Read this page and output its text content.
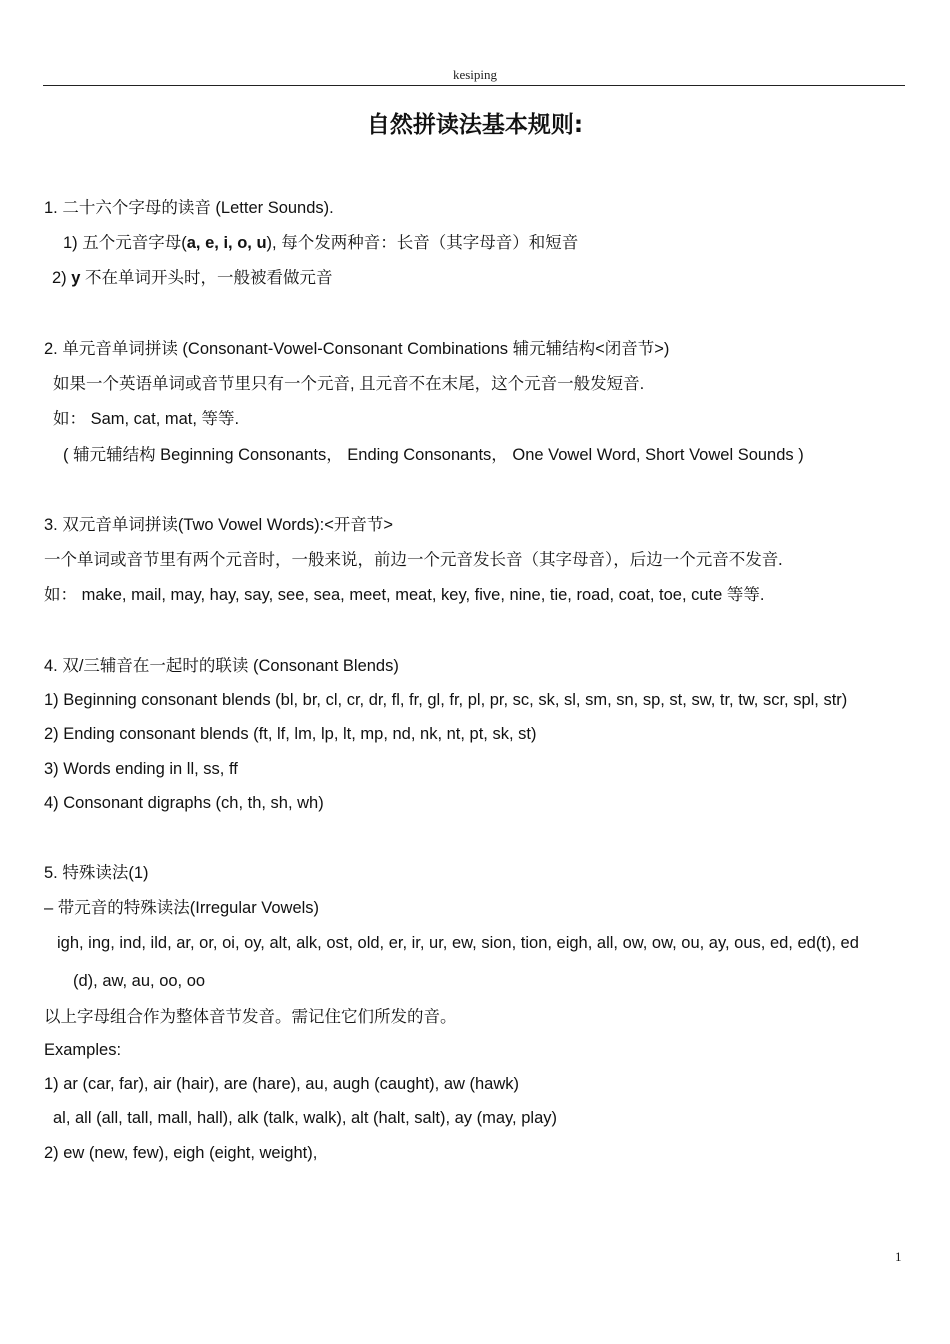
kesiping
自然拼读法基本规则:
1. 二十六个字母的读音 (Letter Sounds).
1) 五个元音字母(a, e, i, o, u), 每个发两种音：长音（其字母音）和短音
2) y 不在单词开头时，一般被看做元音
2. 单元音单词拼读 (Consonant-Vowel-Consonant Combinations 辅元辅结构<闭音节>)
如果一个英语单词或音节里只有一个元音, 且元音不在末尾，这个元音一般发短音.
如： Sam, cat, mat, 等等.
( 辅元辅结构 Beginning Consonants， Ending Consonants， One Vowel Word, Short Vowel Sounds )
3. 双元音单词拼读(Two Vowel Words):<开音节>
一个单词或音节里有两个元音时，一般来说，前边一个元音发长音（其字母音），后边一个元音不发音.
如： make, mail, may, hay, say, see, sea, meet, meat, key, five, nine, tie, road, coat, toe, cute 等等.
4. 双/三辅音在一起时的联读 (Consonant Blends)
1) Beginning consonant blends (bl, br, cl, cr, dr, fl, fr, gl, fr, pl, pr, sc, sk, sl, sm, sn, sp, st, sw, tr, tw, scr, spl, str)
2) Ending consonant blends (ft, lf, lm, lp, lt, mp, nd, nk, nt, pt, sk, st)
3) Words ending in ll, ss, ff
4) Consonant digraphs (ch, th, sh, wh)
5. 特殊读法(1)
– 带元音的特殊读法(Irregular Vowels)
igh, ing, ind, ild, ar, or, oi, oy, alt, alk, ost, old, er, ir, ur, ew, sion, tion, eigh, all, ow, ow, ou, ay, ous, ed, ed(t), ed
(d), aw, au, oo, oo
以上字母组合作为整体音节发音。需记住它们所发的音。
Examples:
1) ar (car, far), air (hair), are (hare), au, augh (caught), aw (hawk)
al, all (all, tall, mall, hall), alk (talk, walk), alt (halt, salt), ay (may, play)
2) ew (new, few), eigh (eight, weight),
1
